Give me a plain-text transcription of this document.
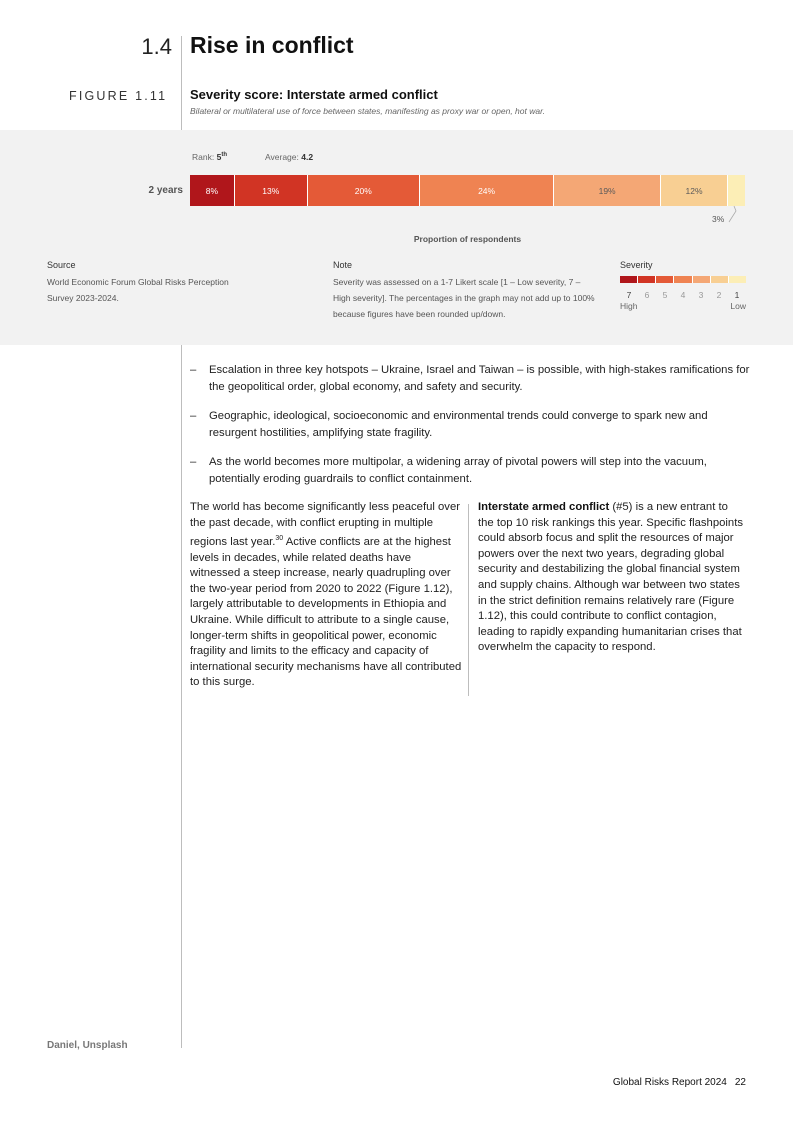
1.4 Rise in conflict
FIGURE 1.11 Severity score: Interstate armed conflict
Bilateral or multilateral use of force between states, manifesting as proxy war or open, hot war.
Rank: 5th	Average: 4.2
2 years	8%	13%	20%	24%	19%	12%
3%
Proportion of respondents
Source
World Economic Forum Global Risks Perception Survey 2023-2024.
Note
Severity was assessed on a 1-7 Likert scale [1 – Low severity, 7 – High severity]. The percentages in the graph may not add up to 100% because figures have been rounded up/down.
Severity
7	6	5	4	3	2	1
High	Low
– Escalation in three key hotspots – Ukraine, Israel and Taiwan – is possible, with high-stakes ramifications for the geopolitical order, global economy, and safety and security.
– Geographic, ideological, socioeconomic and environmental trends could converge to spark new and resurgent hostilities, amplifying state fragility.
– As the world becomes more multipolar, a widening array of pivotal powers will step into the vacuum, potentially eroding guardrails to conflict containment.

The world has become significantly less peaceful over the past decade, with conflict erupting in multiple regions last year.$^{30}$ Active conflicts are at the highest levels in decades, while related deaths have witnessed a steep increase, nearly quadrupling over the two-year period from 2020 to 2022 (Figure 1.12), largely attributable to developments in Ethiopia and Ukraine. While difficult to attribute to a single cause, longer-term shifts in geopolitical power, economic fragility and limits to the efficacy and capacity of international security mechanisms have all contributed to this surge.

Interstate armed conflict (#5) is a new entrant to the top 10 risk rankings this year. Specific flashpoints could absorb focus and split the resources of major powers over the next two years, degrading global security and destabilizing the global financial system and supply chains. Although war between two states in the strict definition remains relatively rare (Figure 1.12), this could contribute to conflict contagion, leading to rapidly expanding humanitarian crises that overwhelm the capacity to respond.

Daniel, Unsplash
Global Risks Report 2024 22
